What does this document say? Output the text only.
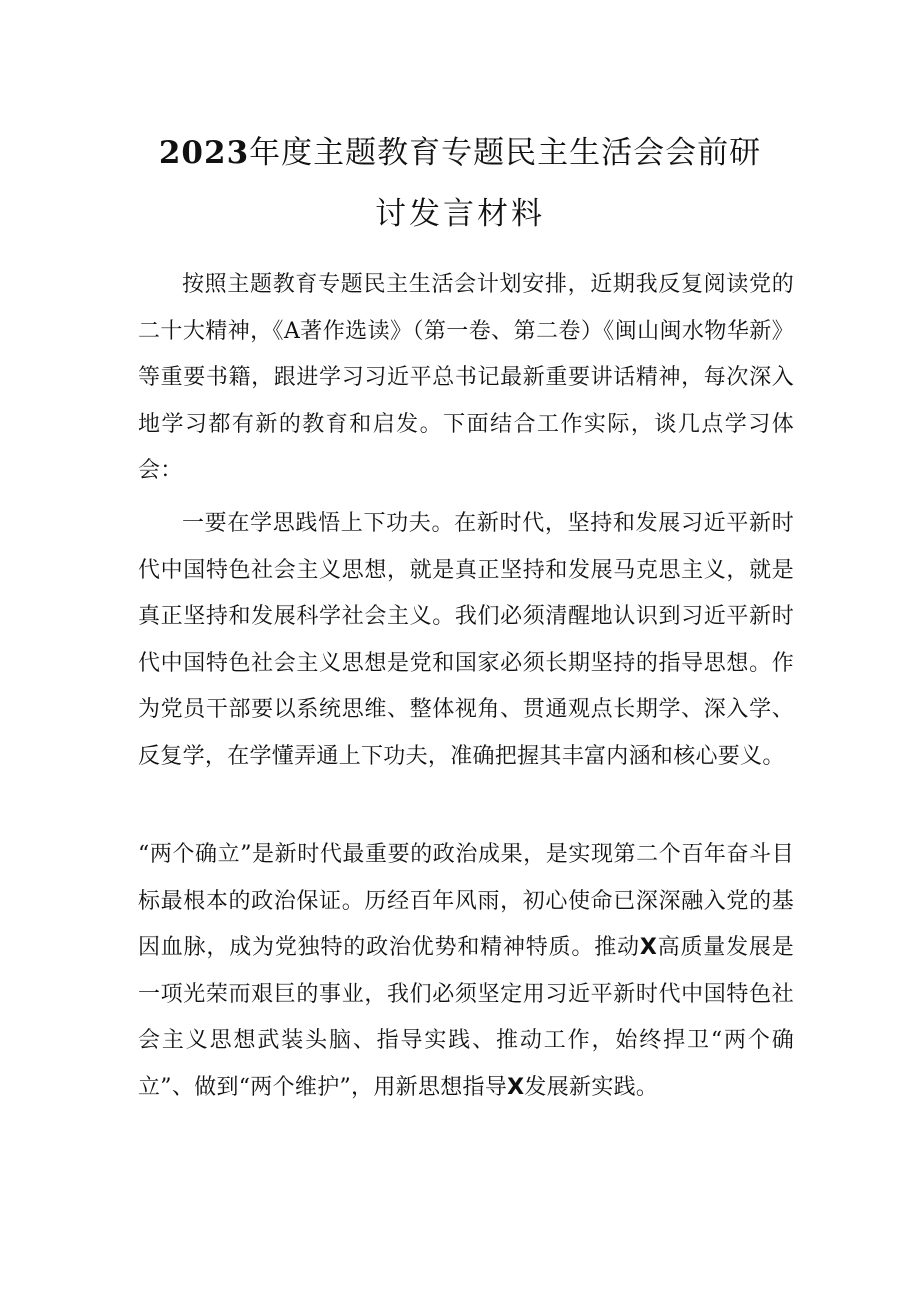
2023年度主题教育专题民主生活会会前研
讨发言材料
按照主题教育专题民主生活会计划安排，近期我反复阅读党的二十大精神，《A著作选读》（第一卷、第二卷）《闽山闽水物华新》等重要书籍，跟进学习习近平总书记最新重要讲话精神，每次深入地学习都有新的教育和启发。下面结合工作实际，谈几点学习体会：
一要在学思践悟上下功夫。在新时代，坚持和发展习近平新时代中国特色社会主义思想，就是真正坚持和发展马克思主义，就是真正坚持和发展科学社会主义。我们必须清醒地认识到习近平新时代中国特色社会主义思想是党和国家必须长期坚持的指导思想。作为党员干部要以系统思维、整体视角、贯通观点长期学、深入学、反复学，在学懂弄通上下功夫，准确把握其丰富内涵和核心要义。
“两个确立”是新时代最重要的政治成果，是实现第二个百年奋斗目标最根本的政治保证。历经百年风雨，初心使命已深深融入党的基因血脉，成为党独特的政治优势和精神特质。推动X高质量发展是一项光荣而艰巨的事业，我们必须坚定用习近平新时代中国特色社会主义思想武装头脑、指导实践、推动工作，始终捍卫“两个确立”、做到“两个维护”，用新思想指导X发展新实践。
